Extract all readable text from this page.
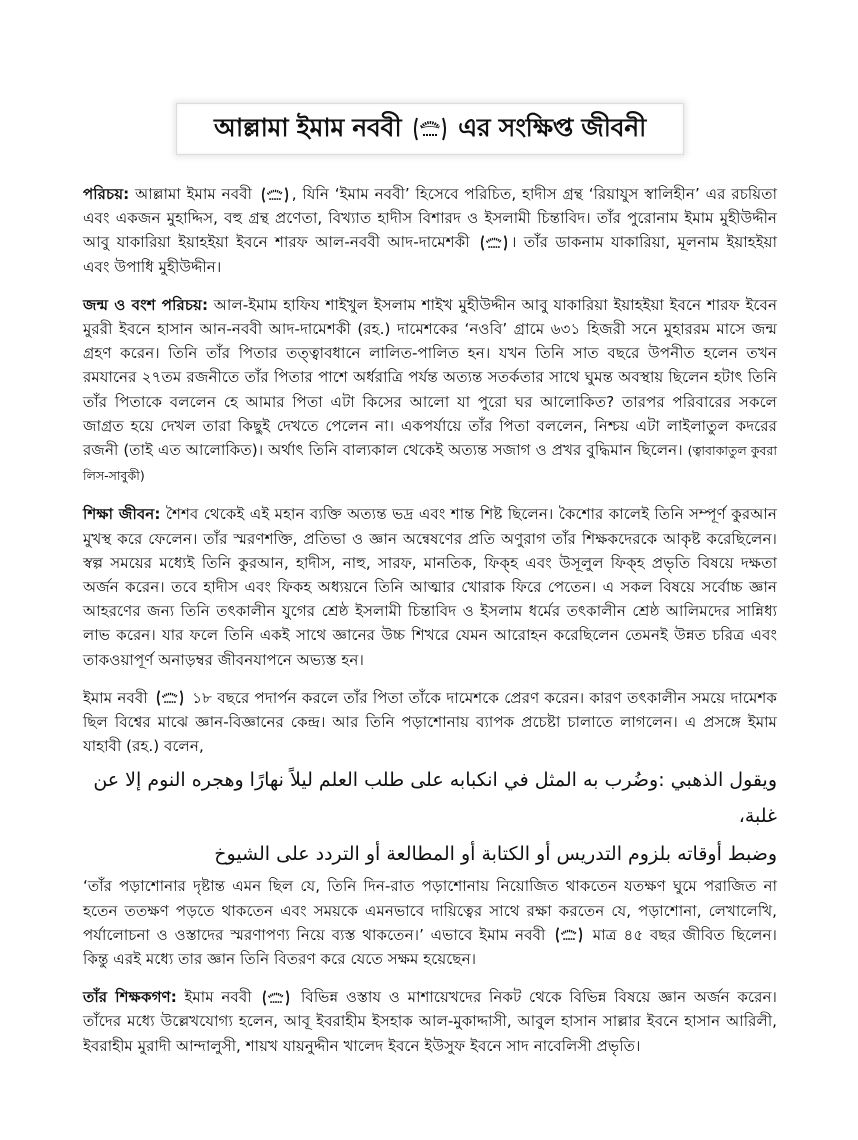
আল্লামা ইমাম নববী এর সংক্ষিপ্ত জীবনী

পরিচয়: আল্লামা ইমাম নববী
, যিনি ‘ইমাম নববী’ হিসেবে পরিচিত, হাদীস গ্রন্থ ‘রিয়াযুস স্বালিহীন’ এর রচয়িতা এবং একজন মুহাদ্দিস, বহু গ্রন্থ প্রণেতা, বিখ্যাত হাদীস বিশারদ ও ইসলামী চিন্তাবিদ। তাঁর পুরোনাম ইমাম মুহীউদ্দীন আবু যাকারিয়া ইয়াহইয়া ইবনে শারফ আল-নববী আদ-দামেশকী
। তাঁর ডাকনাম যাকারিয়া, মূলনাম ইয়াহইয়া এবং উপাধি মুহীউদ্দীন।

জন্ম ও বংশ পরিচয়: আল-ইমাম হাফিয শাইখুল ইসলাম শাইখ মুহীউদ্দীন আবু যাকারিয়া ইয়াহইয়া ইবনে শারফ ইবেন মুররী ইবনে হাসান আন-নববী আদ-দামেশকী (রহ.) দামেশকের ‘নওবি’ গ্রামে ৬৩১ হিজরী সনে মুহাররম মাসে জন্ম গ্রহণ করেন। তিনি তাঁর পিতার তত্ত্বাবধানে লালিত-পালিত হন। যখন তিনি সাত বছরে উপনীত হলেন তখন রমযানের ২৭তম রজনীতে তাঁর পিতার পাশে অর্ধরাত্রি পর্যন্ত অত্যন্ত সতর্কতার সাথে ঘুমন্ত অবস্থায় ছিলেন হটাৎ তিনি তাঁর পিতাকে বললেন হে আমার পিতা এটা কিসের আলো যা পুরো ঘর আলোকিত? তারপর পরিবারের সকলে জাগ্রত হয়ে দেখল তারা কিছুই দেখতে পেলেন না। একপর্যায়ে তাঁর পিতা বললেন, নিশ্চয় এটা লাইলাতুল কদরের রজনী (তাই এত আলোকিত)। অর্থাৎ তিনি বাল্যকাল থেকেই অত্যন্ত সজাগ ও প্রখর বুদ্ধিমান ছিলেন। (ত্বাবাকাতুল কুবরা লিস-সাবুকী)

শিক্ষা জীবন: শৈশব থেকেই এই মহান ব্যক্তি অত্যন্ত ভদ্র এবং শান্ত শিষ্ট ছিলেন। কৈশোর কালেই তিনি সম্পূর্ণ কুরআন মুখস্থ করে ফেলেন। তাঁর স্মরণশক্তি, প্রতিভা ও জ্ঞান অন্বেষণের প্রতি অণুরাগ তাঁর শিক্ষকদেরকে আকৃষ্ট করেছিলেন। স্বল্প সময়ের মধ্যেই তিনি কুরআন, হাদীস, নাহু, সারফ, মানতিক, ফিক্হ এবং উসূলুল ফিক্হ প্রভৃতি বিষয়ে দক্ষতা অর্জন করেন। তবে হাদীস এবং ফিকহ অধ্যয়নে তিনি আত্মার খোরাক ফিরে পেতেন। এ সকল বিষয়ে সর্বোচ্চ জ্ঞান আহরণের জন্য তিনি তৎকালীন যুগের শ্রেষ্ঠ ইসলামী চিন্তাবিদ ও ইসলাম ধর্মের তৎকালীন শ্রেষ্ঠ আলিমদের সান্নিধ্য লাভ করেন। যার ফলে তিনি একই সাথে জ্ঞানের উচ্চ শিখরে যেমন আরোহন করেছিলেন তেমনই উন্নত চরিত্র এবং তাকওয়াপূর্ণ অনাড়ম্বর জীবনযাপনে অভ্যস্ত হন।

ইমাম নববী
১৮ বছরে পদার্পন করলে তাঁর পিতা তাঁকে দামেশকে প্রেরণ করেন। কারণ তৎকালীন সময়ে দামেশক ছিল বিশ্বের মাঝে জ্ঞান-বিজ্ঞানের কেন্দ্র। আর তিনি পড়াশোনায় ব্যাপক প্রচেষ্টা চালাতে লাগলেন। এ প্রসঙ্গে ইমাম যাহাবী (রহ.) বলেন,

ويقول الذهبي :وضُرب به المثل في انكبابه على طلب العلم ليلاً نهارًا وهجره النوم إلا عن غلبة،
وضبط أوقاته بلزوم التدريس أو الكتابة أو المطالعة أو التردد على الشيوخ

‘তাঁর পড়াশোনার দৃষ্টান্ত এমন ছিল যে, তিনি দিন-রাত পড়াশোনায় নিয়োজিত থাকতেন যতক্ষণ ঘুমে পরাজিত না হতেন ততক্ষণ পড়তে থাকতেন এবং সময়কে এমনভাবে দায়িত্বের সাথে রক্ষা করতেন যে, পড়াশোনা, লেখালেখি, পর্যালোচনা ও ওস্তাদের স্মরণাপণ্য নিয়ে ব্যস্ত থাকতেন।’ এভাবে ইমাম নববী
মাত্র ৪৫ বছর জীবিত ছিলেন। কিন্তু এরই মধ্যে তার জ্ঞান তিনি বিতরণ করে যেতে সক্ষম হয়েছেন।

তাঁর শিক্ষকগণ: ইমাম নববী
বিভিন্ন ওস্তায ও মাশায়েখদের নিকট থেকে বিভিন্ন বিষয়ে জ্ঞান অর্জন করেন। তাঁদের মধ্যে উল্লেখযোগ্য হলেন, আবূ ইবরাহীম ইসহাক আল-মুকাদ্দাসী, আবুল হাসান সাল্লার ইবনে হাসান আরিলী, ইবরাহীম মুরাদী আন্দালুসী, শায়খ যায়নুদ্দীন খালেদ ইবনে ইউসুফ ইবনে সাদ নাবেলিসী প্রভৃতি।
